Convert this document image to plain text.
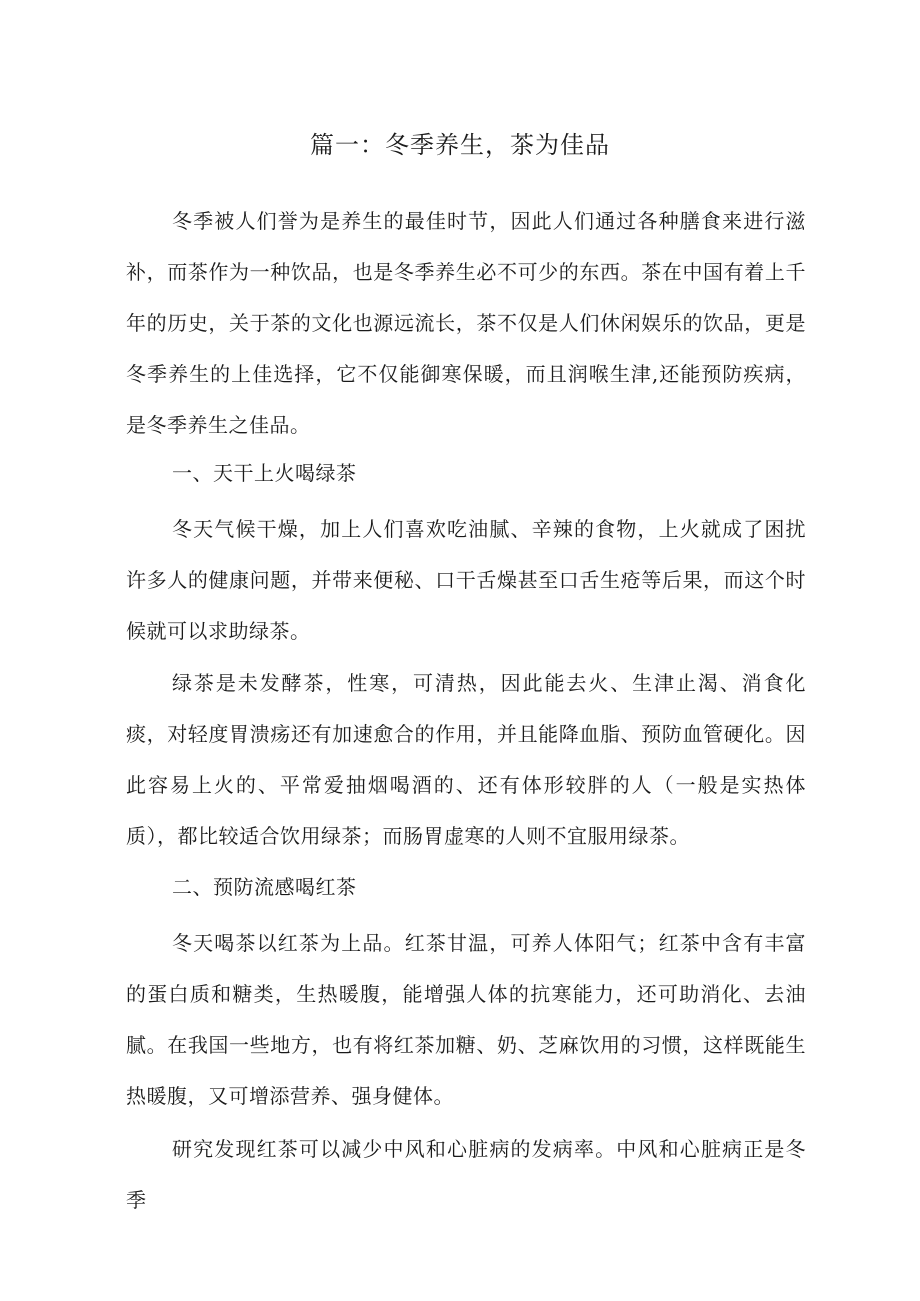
篇一：冬季养生，茶为佳品

冬季被人们誉为是养生的最佳时节，因此人们通过各种膳食来进行滋补，而茶作为一种饮品，也是冬季养生必不可少的东西。茶在中国有着上千年的历史，关于茶的文化也源远流长，茶不仅是人们休闲娱乐的饮品，更是冬季养生的上佳选择，它不仅能御寒保暖，而且润喉生津,还能预防疾病，是冬季养生之佳品。

一、天干上火喝绿茶

冬天气候干燥，加上人们喜欢吃油腻、辛辣的食物，上火就成了困扰许多人的健康问题，并带来便秘、口干舌燥甚至口舌生疮等后果，而这个时候就可以求助绿茶。

绿茶是未发酵茶，性寒，可清热，因此能去火、生津止渴、消食化痰，对轻度胃溃疡还有加速愈合的作用，并且能降血脂、预防血管硬化。因此容易上火的、平常爱抽烟喝酒的、还有体形较胖的人（一般是实热体质），都比较适合饮用绿茶；而肠胃虚寒的人则不宜服用绿茶。

二、预防流感喝红茶

冬天喝茶以红茶为上品。红茶甘温，可养人体阳气；红茶中含有丰富的蛋白质和糖类，生热暖腹，能增强人体的抗寒能力，还可助消化、去油腻。在我国一些地方，也有将红茶加糖、奶、芝麻饮用的习惯，这样既能生热暖腹，又可增添营养、强身健体。

研究发现红茶可以减少中风和心脏病的发病率。中风和心脏病正是冬季
